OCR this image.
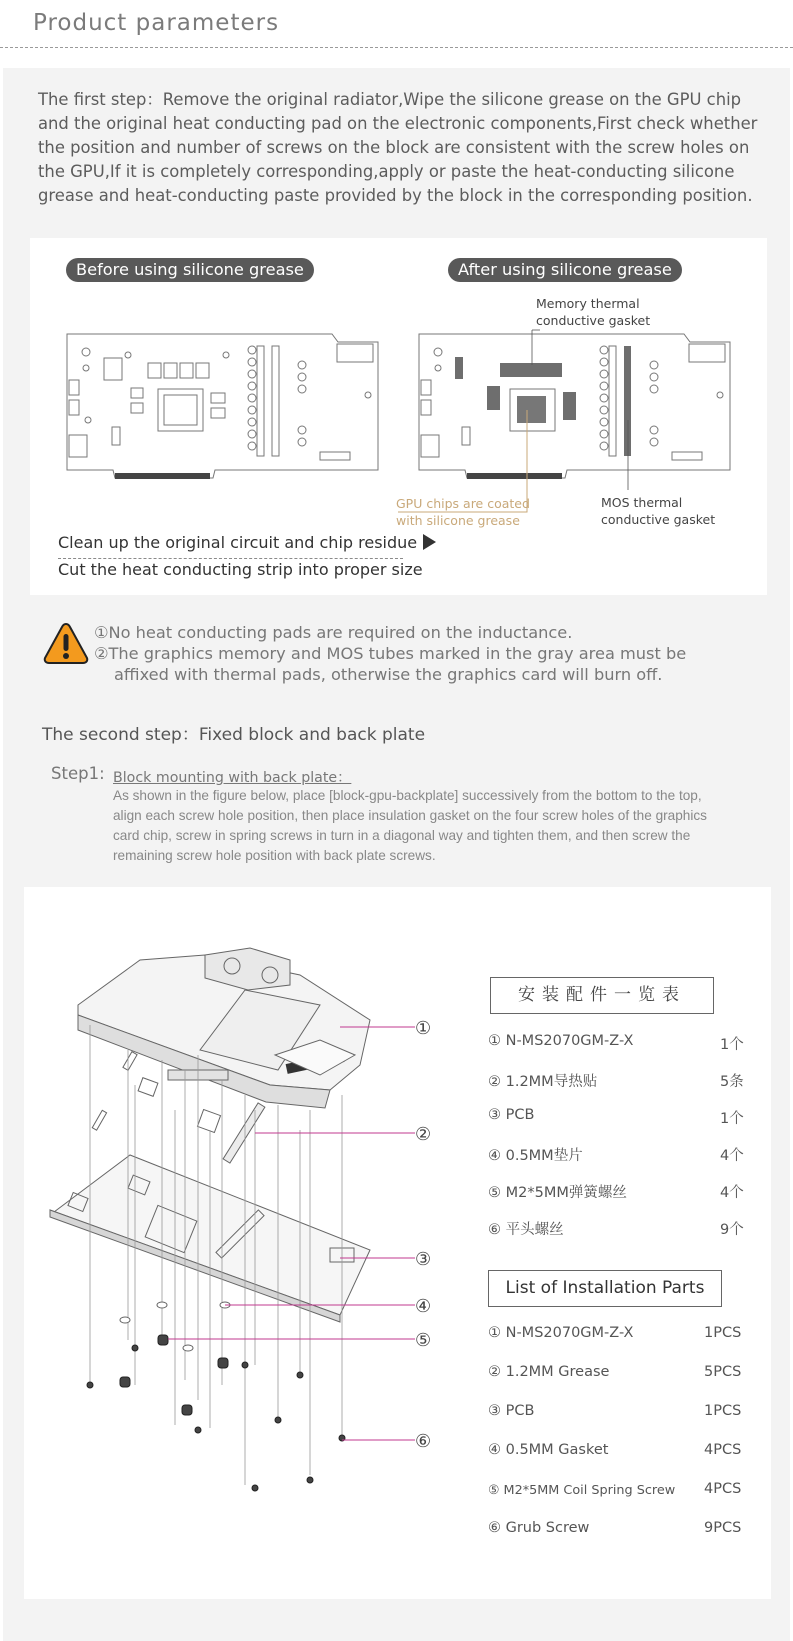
Product parameters
The first step：Remove the original radiator,Wipe the silicone grease on the GPU chip and the original heat conducting pad on the electronic components,First check whether the position and number of screws on the block are consistent with the screw holes on the GPU,If it is completely corresponding,apply or paste the heat-conducting silicone grease and heat-conducting paste provided by the block in the corresponding position.
Before using silicone grease	After using silicone grease
Memory thermal
conductive gasket
GPU chips are coated
with silicone grease
MOS thermal
conductive gasket
Clean up the original circuit and chip residue
Cut the heat conducting strip into proper size
①No heat conducting pads are required on the inductance.
②The graphics memory and MOS tubes marked in the gray area must be
affixed with thermal pads, otherwise the graphics card will burn off.
The second step：Fixed block and back plate
Step1: Block mounting with back plate：
As shown in the figure below, place [block-gpu-backplate] successively from the bottom to the top, align each screw hole position, then place insulation gasket on the four screw holes of the graphics card chip, screw in spring screws in turn in a diagonal way and tighten them, and then screw the remaining screw hole position with back plate screws.
①
②
③
④
⑤
⑥
安装配件一览表
① N-MS2070GM-Z-X	1个
② 1.2MM导热贴	5条
③ PCB	1个
④ 0.5MM垫片	4个
⑤ M2*5MM弹簧螺丝	4个
⑥ 平头螺丝	9个
List of Installation Parts
① N-MS2070GM-Z-X	1PCS
② 1.2MM Grease	5PCS
③ PCB	1PCS
④ 0.5MM Gasket	4PCS
⑤ M2*5MM Coil Spring Screw 4PCS
⑥ Grub Screw	9PCS
